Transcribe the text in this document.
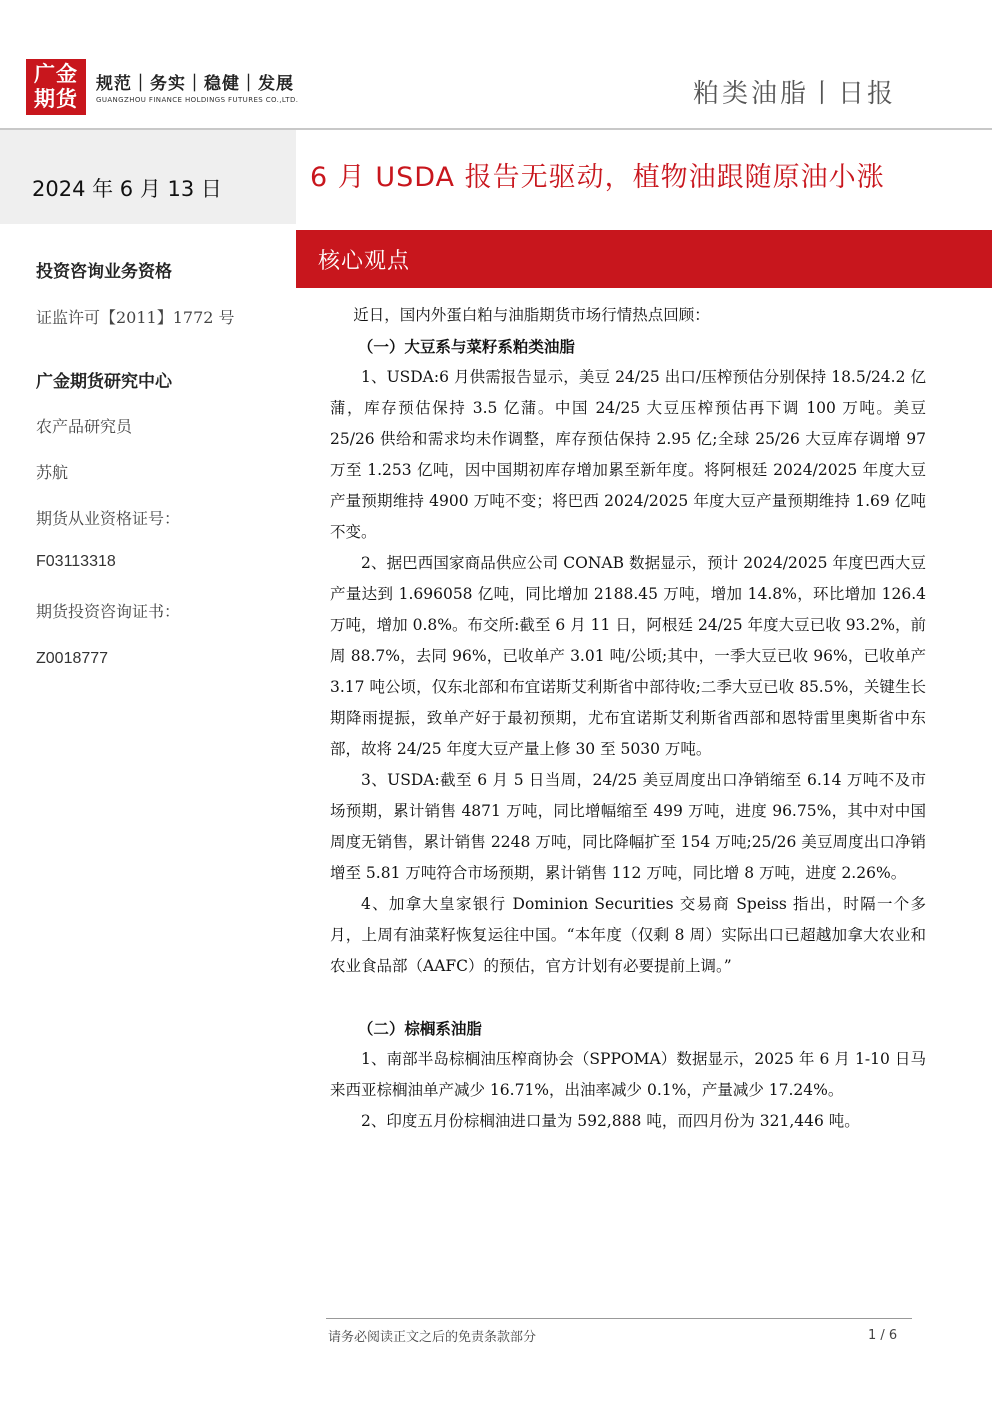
广金
期货
规范｜务实｜稳健｜发展
GUANGZHOU FINANCE HOLDINGS FUTURES CO.,LTD.	粕类油脂丨日报
2024 年 6 月 13 日
投资咨询业务资格
证监许可【2011】1772 号
广金期货研究中心
农产品研究员
苏航
期货从业资格证号：
F03113318
期货投资咨询证书：
Z0018777
6 月 USDA 报告无驱动，植物油跟随原油小涨
核心观点

近日，国内外蛋白粕与油脂期货市场行情热点回顾：

（一）大豆系与菜籽系粕类油脂

1、USDA:6 月供需报告显示，美豆 24/25 出口/压榨预估分别保持 18.5/24.2 亿蒲，库存预估保持 3.5 亿蒲。中国 24/25 大豆压榨预估再下调 100 万吨。美豆 25/26 供给和需求均未作调整，库存预估保持 2.95 亿;全球 25/26 大豆库存调增 97 万至 1.253 亿吨，因中国期初库存增加累至新年度。将阿根廷 2024/2025 年度大豆产量预期维持 4900 万吨不变；将巴西 2024/2025 年度大豆产量预期维持 1.69 亿吨不变。

2、据巴西国家商品供应公司 CONAB 数据显示，预计 2024/2025 年度巴西大豆产量达到 1.696058 亿吨，同比增加 2188.45 万吨，增加 14.8%，环比增加 126.4 万吨，增加 0.8%。布交所:截至 6 月 11 日，阿根廷 24/25 年度大豆已收 93.2%，前周 88.7%，去同 96%，已收单产 3.01 吨/公顷;其中，一季大豆已收 96%，已收单产 3.17 吨公顷，仅东北部和布宜诺斯艾利斯省中部待收;二季大豆已收 85.5%，关键生长期降雨提振，致单产好于最初预期，尤布宜诺斯艾利斯省西部和恩特雷里奥斯省中东部，故将 24/25 年度大豆产量上修 30 至 5030 万吨。

3、USDA:截至 6 月 5 日当周，24/25 美豆周度出口净销缩至 6.14 万吨不及市场预期，累计销售 4871 万吨，同比增幅缩至 499 万吨，进度 96.75%，其中对中国周度无销售，累计销售 2248 万吨，同比降幅扩至 154 万吨;25/26 美豆周度出口净销增至 5.81 万吨符合市场预期，累计销售 112 万吨，同比增 8 万吨，进度 2.26%。

4、加拿大皇家银行 Dominion Securities 交易商 Speiss 指出，时隔一个多月，上周有油菜籽恢复运往中国。“本年度（仅剩 8 周）实际出口已超越加拿大农业和农业食品部（AAFC）的预估，官方计划有必要提前上调。”

（二）棕榈系油脂

1、南部半岛棕榈油压榨商协会（SPPOMA）数据显示，2025 年 6 月 1-10 日马来西亚棕榈油单产减少 16.71%，出油率减少 0.1%，产量减少 17.24%。

2、印度五月份棕榈油进口量为 592,888 吨，而四月份为 321,446 吨。

请务必阅读正文之后的免责条款部分	1 / 6
